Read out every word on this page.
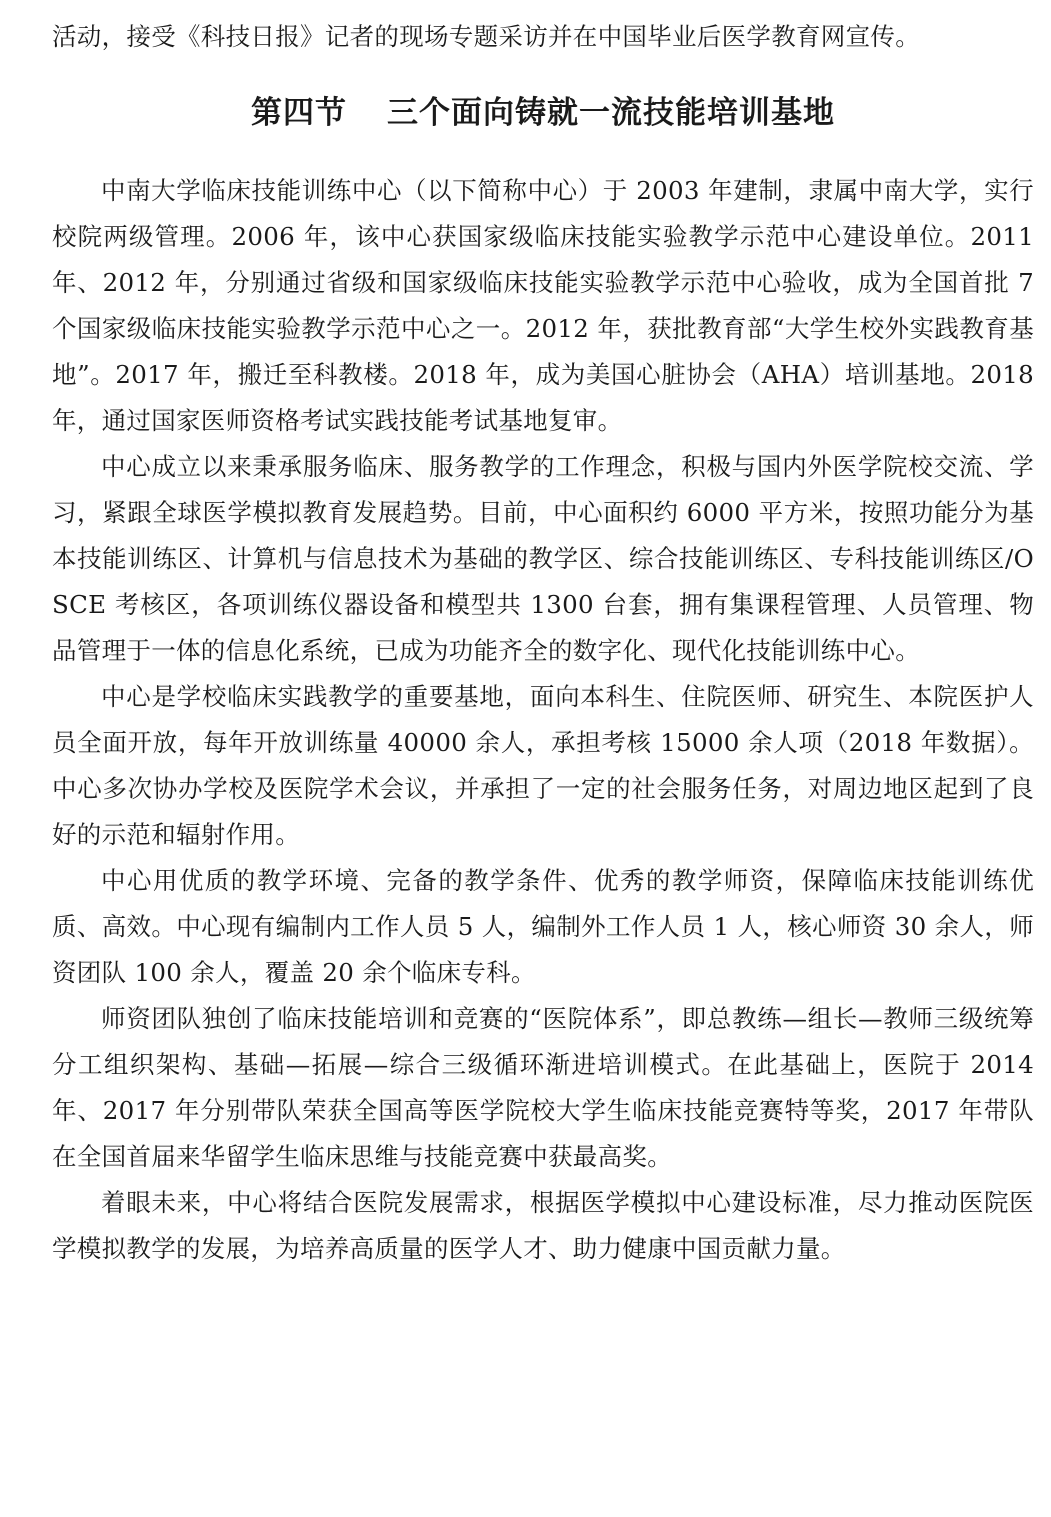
活动，接受《科技日报》记者的现场专题采访并在中国毕业后医学教育网宣传。

第四节 三个面向铸就一流技能培训基地

中南大学临床技能训练中心（以下简称中心）于 2003 年建制，隶属中南大学，实行校院两级管理。2006 年，该中心获国家级临床技能实验教学示范中心建设单位。2011 年、2012 年，分别通过省级和国家级临床技能实验教学示范中心验收，成为全国首批 7 个国家级临床技能实验教学示范中心之一。2012 年，获批教育部“大学生校外实践教育基地”。2017 年，搬迁至科教楼。2018 年，成为美国心脏协会（AHA）培训基地。2018 年，通过国家医师资格考试实践技能考试基地复审。

中心成立以来秉承服务临床、服务教学的工作理念，积极与国内外医学院校交流、学习，紧跟全球医学模拟教育发展趋势。目前，中心面积约 6000 平方米，按照功能分为基本技能训练区、计算机与信息技术为基础的教学区、综合技能训练区、专科技能训练区/OSCE 考核区，各项训练仪器设备和模型共 1300 台套，拥有集课程管理、人员管理、物品管理于一体的信息化系统，已成为功能齐全的数字化、现代化技能训练中心。

中心是学校临床实践教学的重要基地，面向本科生、住院医师、研究生、本院医护人员全面开放，每年开放训练量 40000 余人，承担考核 15000 余人项（2018 年数据）。中心多次协办学校及医院学术会议，并承担了一定的社会服务任务，对周边地区起到了良好的示范和辐射作用。

中心用优质的教学环境、完备的教学条件、优秀的教学师资，保障临床技能训练优质、高效。中心现有编制内工作人员 5 人，编制外工作人员 1 人，核心师资 30 余人，师资团队 100 余人，覆盖 20 余个临床专科。

师资团队独创了临床技能培训和竞赛的“医院体系”，即总教练—组长—教师三级统筹分工组织架构、基础—拓展—综合三级循环渐进培训模式。在此基础上，医院于 2014 年、2017 年分别带队荣获全国高等医学院校大学生临床技能竞赛特等奖，2017 年带队在全国首届来华留学生临床思维与技能竞赛中获最高奖。

着眼未来，中心将结合医院发展需求，根据医学模拟中心建设标准，尽力推动医院医学模拟教学的发展，为培养高质量的医学人才、助力健康中国贡献力量。
